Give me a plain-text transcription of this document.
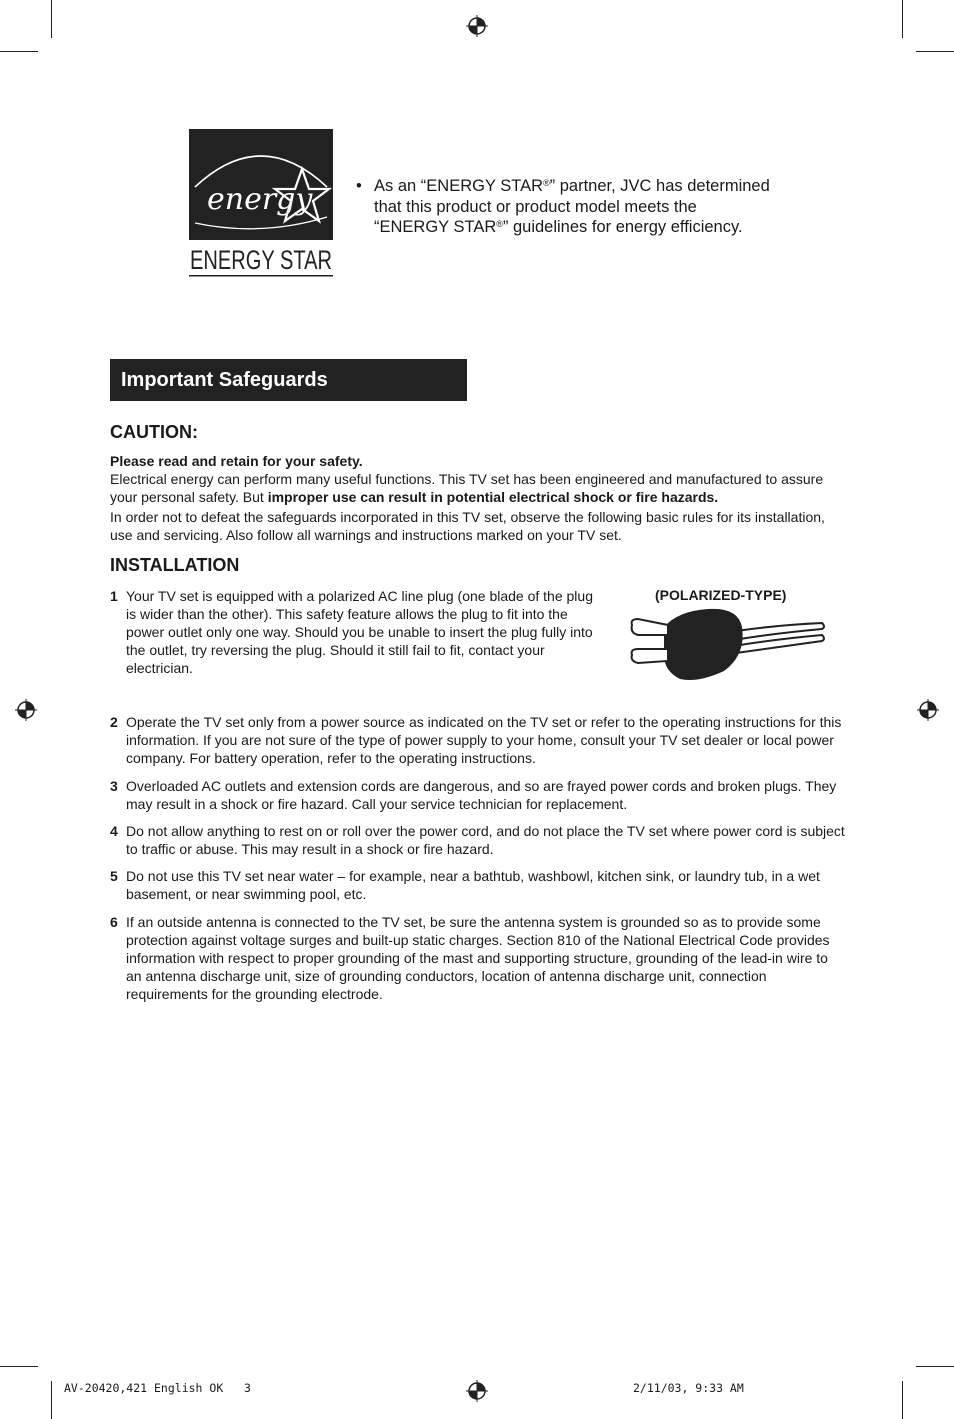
energy
ENERGY STAR
• As an “ENERGY STAR®” partner, JVC has determined
that this product or product model meets the
“ENERGY STAR®” guidelines for energy efficiency.
Important Safeguards
CAUTION:

Please read and retain for your safety.

Electrical energy can perform many useful functions. This TV set has been engineered and manufactured to assure your personal safety. But improper use can result in potential electrical shock or fire hazards.

In order not to defeat the safeguards incorporated in this TV set, observe the following basic rules for its installation, use and servicing. Also follow all warnings and instructions marked on your TV set.

INSTALLATION
1 Your TV set is equipped with a polarized AC line plug (one blade of the plug is wider than the other). This safety feature allows the plug to fit into the power outlet only one way. Should you be unable to insert the plug fully into the outlet, try reversing the plug. Should it still fail to fit, contact your electrician.
(POLARIZED-TYPE)
2 Operate the TV set only from a power source as indicated on the TV set or refer to the operating instructions for this information. If you are not sure of the type of power supply to your home, consult your TV set dealer or local power company. For battery operation, refer to the operating instructions.
3 Overloaded AC outlets and extension cords are dangerous, and so are frayed power cords and broken plugs. They may result in a shock or fire hazard. Call your service technician for replacement.
4 Do not allow anything to rest on or roll over the power cord, and do not place the TV set where power cord is subject to traffic or abuse. This may result in a shock or fire hazard.
5 Do not use this TV set near water – for example, near a bathtub, washbowl, kitchen sink, or laundry tub, in a wet basement, or near swimming pool, etc.
6 If an outside antenna is connected to the TV set, be sure the antenna system is grounded so as to provide some protection against voltage surges and built-up static charges. Section 810 of the National Electrical Code provides information with respect to proper grounding of the mast and supporting structure, grounding of the lead-in wire to an antenna discharge unit, size of grounding conductors, location of antenna discharge unit, connection requirements for the grounding electrode.
AV-20420,421 English OK   3	2/11/03, 9:33 AM
